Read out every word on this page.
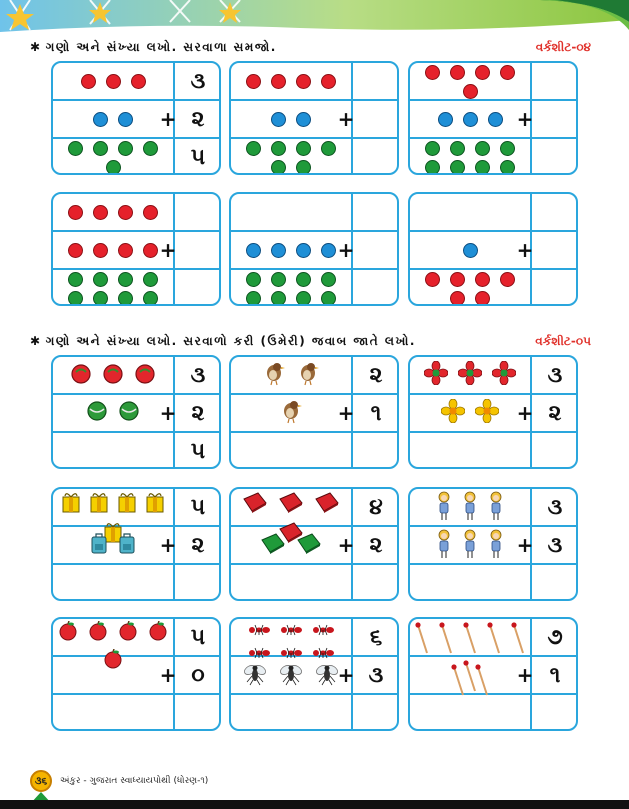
✱ ગણો અને સંખ્યા લખો. સરવાળા સમજો.	વર્કશીટ-૦૪
૩
૨
૫
+	+	+
+	+	+
✱ ગણો અને સંખ્યા લખો. સરવાળો કરી (ઉમેરી) જવાબ જાતે લખો.	વર્કશીટ-૦૫
૩
૨
૫
+
૨
૧
+
૩
૨
+
૫
૨
+
૪
૨
+
૩
૩
+
૫
૦
+
૬
૩
+
૭
૧
+
૩૬	અંકુર - ગુજરાત સ્વાધ્યાયપોથી (ધોરણ-૧)
